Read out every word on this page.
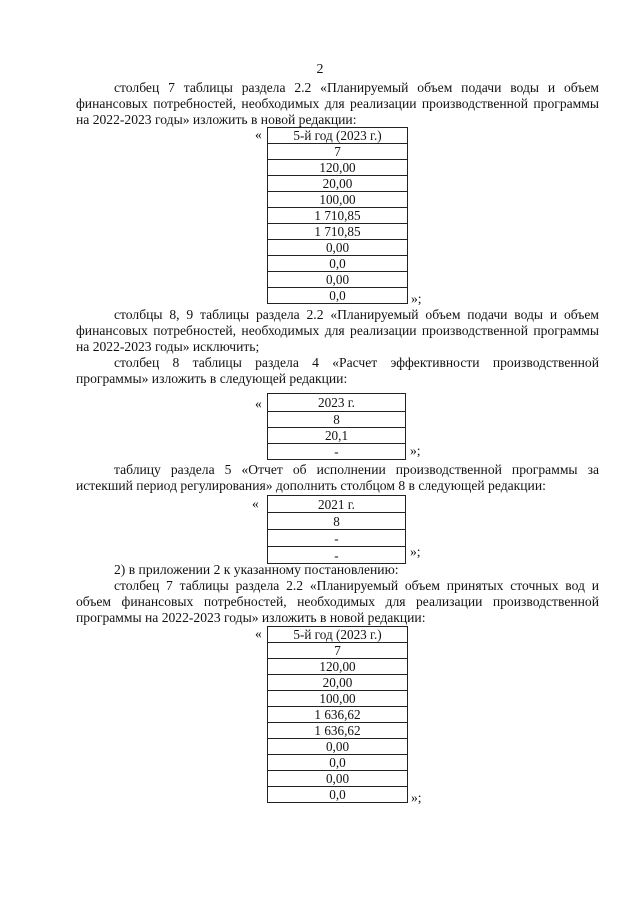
2

столбец 7 таблицы раздела 2.2 «Планируемый объем подачи воды и объем финансовых потребностей, необходимых для реализации производственной программы на 2022-2023 годы» изложить в новой редакции:

« 5-й год (2023 г.)
7
120,00
20,00
100,00
1 710,85
1 710,85
0,00
0,0
0,00
0,0	»;

столбцы 8, 9 таблицы раздела 2.2 «Планируемый объем подачи воды и объем финансовых потребностей, необходимых для реализации производственной программы на 2022-2023 годы» исключить;

столбец 8 таблицы раздела 4 «Расчет эффективности производственной программы» изложить в следующей редакции:

«	2023 г.
8
20,1
-	»;

таблицу раздела 5 «Отчет об исполнении производственной программы за истекший период регулирования» дополнить столбцом 8 в следующей редакции:

«	2021 г.
8
-
-	»;

2) в приложении 2 к указанному постановлению:

столбец 7 таблицы раздела 2.2 «Планируемый объем принятых сточных вод и объем финансовых потребностей, необходимых для реализации производственной программы на 2022-2023 годы» изложить в новой редакции:

« 5-й год (2023 г.)
7
120,00
20,00
100,00
1 636,62
1 636,62
0,00
0,0
0,00
0,0	»;
